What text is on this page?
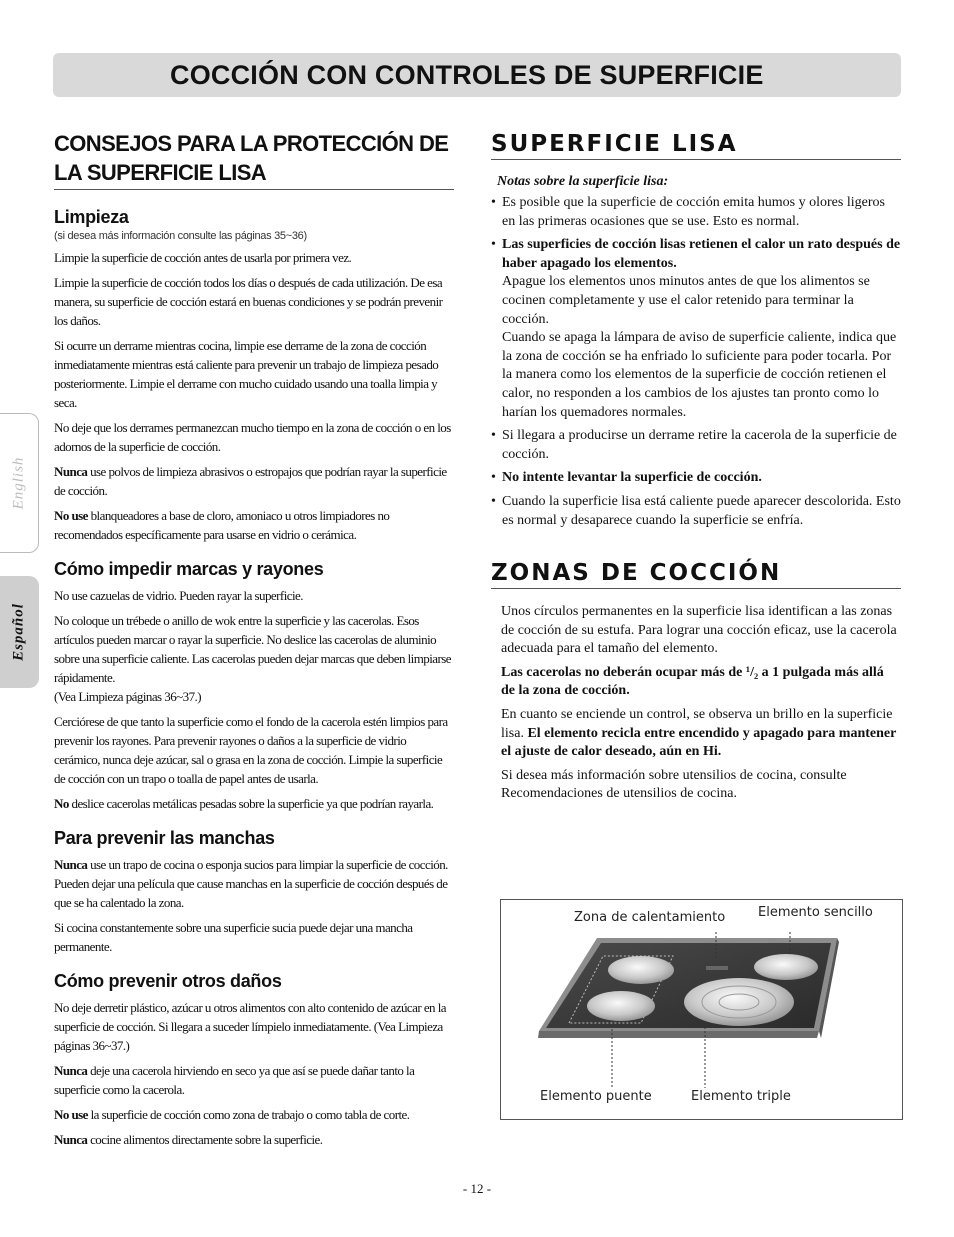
COCCIÓN CON CONTROLES DE SUPERFICIE
English
Español
CONSEJOS PARA LA PROTECCIÓN DE LA SUPERFICIE LISA
Limpieza
(si desea más información consulte las páginas 35~36)

Limpie la superficie de cocción antes de usarla por primera vez.

Limpie la superficie de cocción todos los días o después de cada utilización. De esa manera, su superficie de cocción estará en buenas condiciones y se podrán prevenir los daños.

Si ocurre un derrame mientras cocina, limpie ese derrame de la zona de cocción inmediatamente mientras está caliente para prevenir un trabajo de limpieza pesado posteriormente. Limpie el derrame con mucho cuidado usando una toalla limpia y seca.

No deje que los derrames permanezcan mucho tiempo en la zona de cocción o en los adornos de la superficie de cocción.

Nunca use polvos de limpieza abrasivos o estropajos que podrían rayar la superficie de cocción.

No use blanqueadores a base de cloro, amoniaco u otros limpiadores no recomendados específicamente para usarse en vidrio o cerámica.

Cómo impedir marcas y rayones

No use cazuelas de vidrio. Pueden rayar la superficie.

No coloque un trébede o anillo de wok entre la superficie y las cacerolas. Esos artículos pueden marcar o rayar la superficie. No deslice las cacerolas de aluminio sobre una superficie caliente. Las cacerolas pueden dejar marcas que deben limpiarse rápidamente.
(Vea Limpieza páginas 36~37.)

Cerciórese de que tanto la superficie como el fondo de la cacerola estén limpios para prevenir los rayones. Para prevenir rayones o daños a la superficie de vidrio cerámico, nunca deje azúcar, sal o grasa en la zona de cocción. Limpie la superficie de cocción con un trapo o toalla de papel antes de usarla.

No deslice cacerolas metálicas pesadas sobre la superficie ya que podrían rayarla.

Para prevenir las manchas

Nunca use un trapo de cocina o esponja sucios para limpiar la superficie de cocción. Pueden dejar una película que cause manchas en la superficie de cocción después de que se ha calentado la zona.

Si cocina constantemente sobre una superficie sucia puede dejar una mancha permanente.

Cómo prevenir otros daños

No deje derretir plástico, azúcar u otros alimentos con alto contenido de azúcar en la superficie de cocción. Si llegara a suceder límpielo inmediatamente. (Vea Limpieza páginas 36~37.)

Nunca deje una cacerola hirviendo en seco ya que así se puede dañar tanto la superficie como la cacerola.

No use la superficie de cocción como zona de trabajo o como tabla de corte.

Nunca cocine alimentos directamente sobre la superficie.

SUPERFICIE LISA
Notas sobre la superficie lisa:
• Es posible que la superficie de cocción emita humos y olores ligeros en las primeras ocasiones que se use. Esto es normal.
• Las superficies de cocción lisas retienen el calor un rato después de haber apagado los elementos.
Apague los elementos unos minutos antes de que los alimentos se cocinen completamente y use el calor retenido para terminar la cocción.
Cuando se apaga la lámpara de aviso de superficie caliente, indica que la zona de cocción se ha enfriado lo suficiente para poder tocarla. Por la manera como los elementos de la superficie de cocción retienen el calor, no responden a los cambios de los ajustes tan pronto como lo harían los quemadores normales.
• Si llegara a producirse un derrame retire la cacerola de la superficie de cocción.
• No intente levantar la superficie de cocción.
• Cuando la superficie lisa está caliente puede aparecer descolorida. Esto es normal y desaparece cuando la superficie se enfría.
ZONAS DE COCCIÓN

Unos círculos permanentes en la superficie lisa identifican a las zonas de cocción de su estufa. Para lograr una cocción eficaz, use la cacerola adecuada para el tamaño del elemento.

Las cacerolas no deberán ocupar más de ¹/₂ a 1 pulgada más allá de la zona de cocción.

En cuanto se enciende un control, se observa un brillo en la superficie lisa. El elemento recicla entre encendido y apagado para mantener el ajuste de calor deseado, aún en Hi.

Si desea más información sobre utensilios de cocina, consulte Recomendaciones de utensilios de cocina.

Zona de calentamiento	Elemento sencillo
Elemento puente	Elemento triple
- 12 -
